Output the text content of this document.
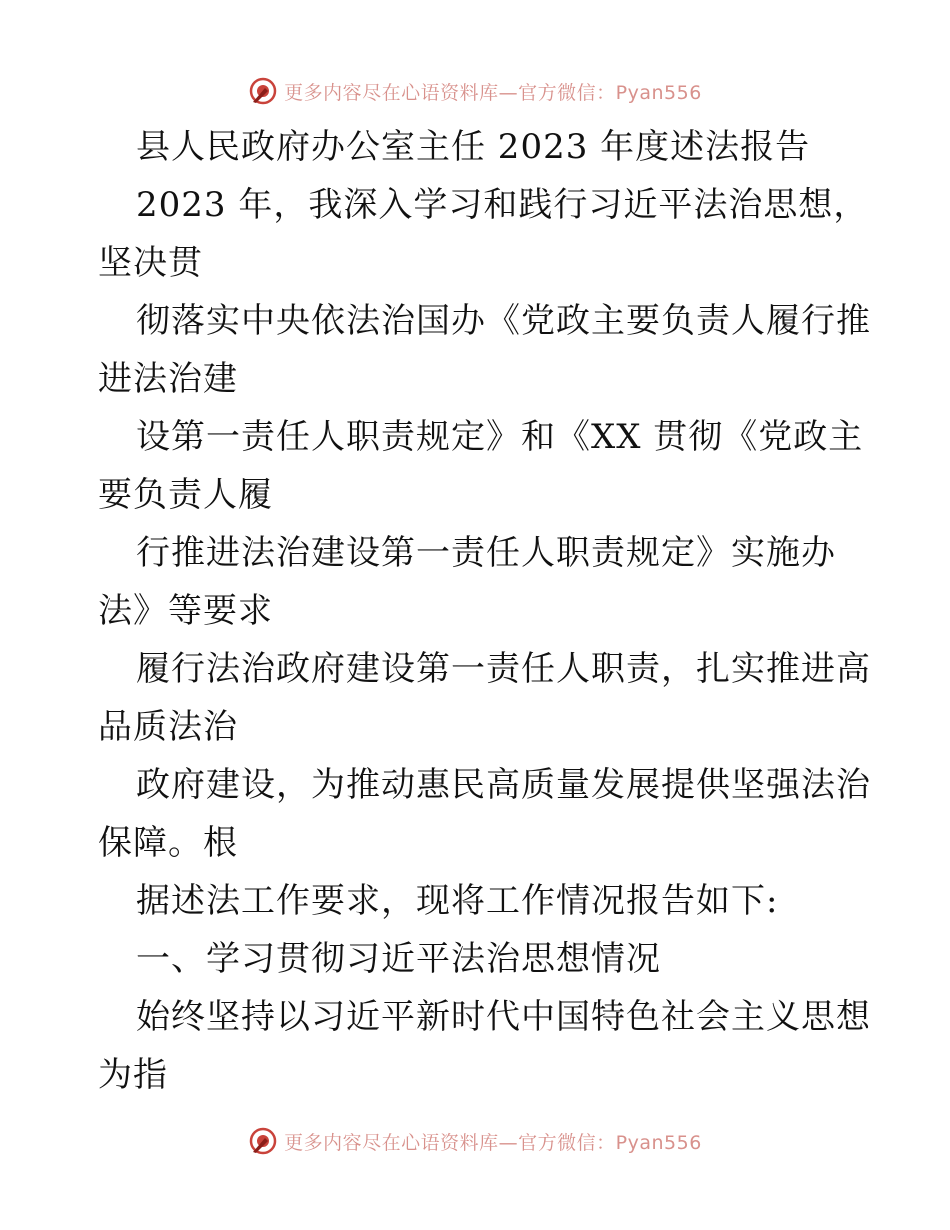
更多内容尽在心语资料库—官方微信：Pyan556
县人民政府办公室主任 2023 年度述法报告
2023 年，我深入学习和践行习近平法治思想，
坚决贯
彻落实中央依法治国办《党政主要负责人履行推
进法治建
设第一责任人职责规定》和《XX 贯彻《党政主
要负责人履
行推进法治建设第一责任人职责规定》实施办
法》等要求
履行法治政府建设第一责任人职责，扎实推进高
品质法治
政府建设，为推动惠民高质量发展提供坚强法治
保障。根
据述法工作要求，现将工作情况报告如下:
一、学习贯彻习近平法治思想情况
始终坚持以习近平新时代中国特色社会主义思想
为指
更多内容尽在心语资料库—官方微信：Pyan556
